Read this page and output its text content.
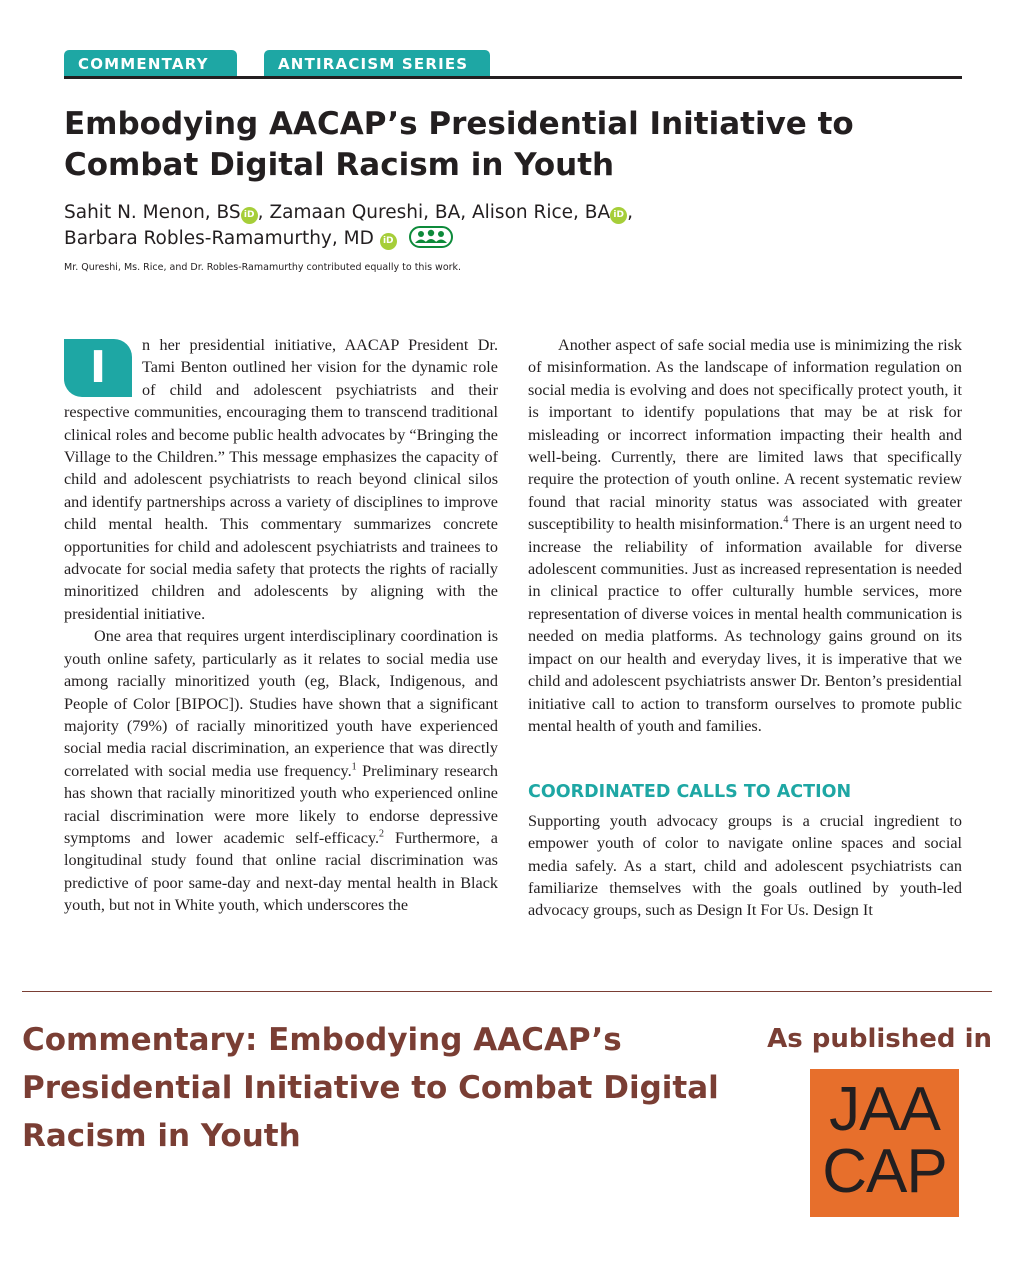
COMMENTARY	ANTIRACISM SERIES
Embodying AACAP’s Presidential Initiative to Combat Digital Racism in Youth
Sahit N. Menon, BS iD , Zamaan Qureshi, BA, Alison Rice, BA iD ,
Barbara Robles-Ramamurthy, MD iD
Mr. Qureshi, Ms. Rice, and Dr. Robles-Ramamurthy contributed equally to this work.

I	n her presidential initiative, AACAP President Dr. Tami Benton outlined her vision for the dynamic role of child and adolescent psychiatrists and their respective communities, encouraging them to transcend traditional clinical roles and become public health advocates by “Bringing the Village to the Children.” This message emphasizes the capacity of child and adolescent psychiatrists to reach beyond clinical silos and identify partnerships across a variety of disciplines to improve child mental health. This commentary summarizes concrete opportunities for child and adolescent psychiatrists and trainees to advocate for social media safety that protects the rights of racially minoritized children and adolescents by aligning with the presidential initiative.

One area that requires urgent interdisciplinary coordination is youth online safety, particularly as it relates to social media use among racially minoritized youth (eg, Black, Indigenous, and People of Color [BIPOC]). Studies have shown that a significant majority (79%) of racially minoritized youth have experienced social media racial discrimination, an experience that was directly correlated with social media use frequency.$^1$ Preliminary research has shown that racially minoritized youth who experienced online racial discrimination were more likely to endorse depressive symptoms and lower academic self-efficacy.$^2$ Furthermore, a longitudinal study found that online racial discrimination was predictive of poor same-day and next-day mental health in Black youth, but not in White youth, which underscores the

Another aspect of safe social media use is minimizing the risk of misinformation. As the landscape of information regulation on social media is evolving and does not specifically protect youth, it is important to identify populations that may be at risk for misleading or incorrect information impacting their health and well-being. Currently, there are limited laws that specifically require the protection of youth online. A recent systematic review found that racial minority status was associated with greater susceptibility to health misinformation.$^4$ There is an urgent need to increase the reliability of information available for diverse adolescent communities. Just as increased representation is needed in clinical practice to offer culturally humble services, more representation of diverse voices in mental health communication is needed on media platforms. As technology gains ground on its impact on our health and everyday lives, it is imperative that we child and adolescent psychiatrists answer Dr. Benton’s presidential initiative call to action to transform ourselves to promote public mental health of youth and families.

COORDINATED CALLS TO ACTION

Supporting youth advocacy groups is a crucial ingredient to empower youth of color to navigate online spaces and social media safely. As a start, child and adolescent psychiatrists can familiarize themselves with the goals outlined by youth-led advocacy groups, such as Design It For Us. Design It

Commentary: Embodying AACAP’s Presidential Initiative to Combat Digital Racism in Youth
As published in
JAA
CAP
